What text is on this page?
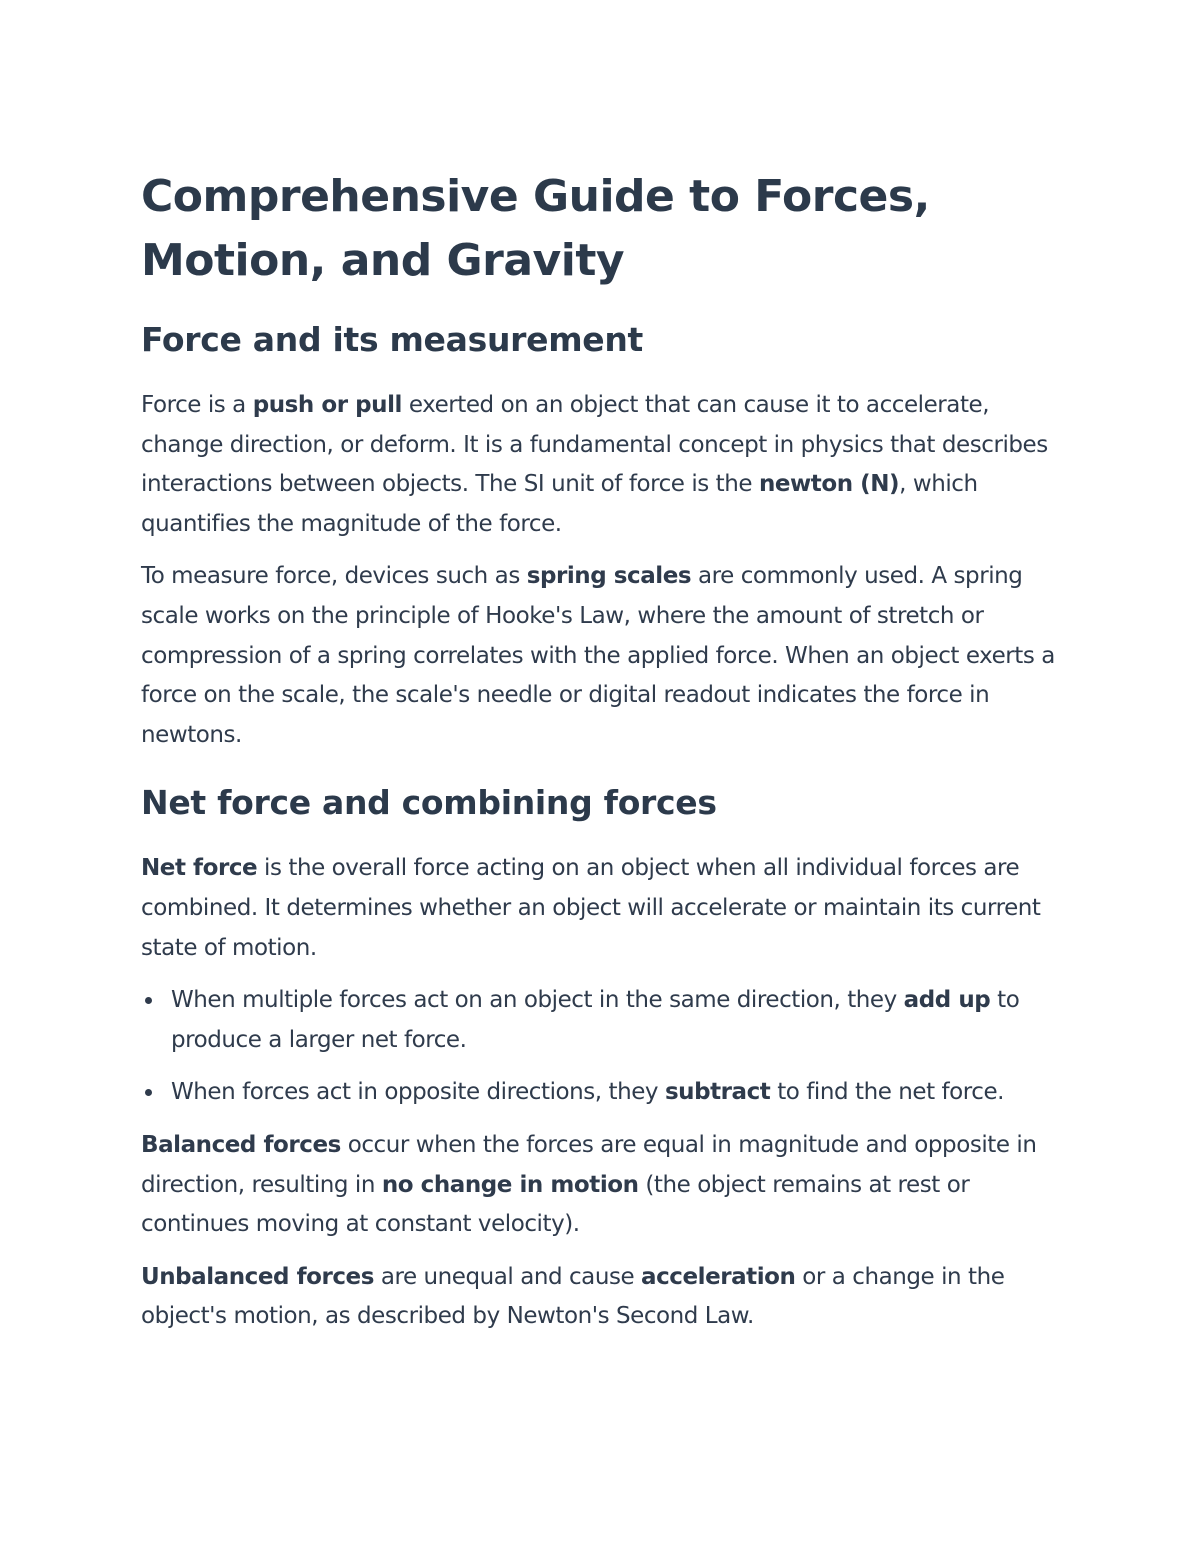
Comprehensive Guide to Forces, Motion, and Gravity
Force and its measurement

Force is a push or pull exerted on an object that can cause it to accelerate, change direction, or deform. It is a fundamental concept in physics that describes interactions between objects. The SI unit of force is the newton (N), which quantifies the magnitude of the force.

To measure force, devices such as spring scales are commonly used. A spring scale works on the principle of Hooke's Law, where the amount of stretch or compression of a spring correlates with the applied force. When an object exerts a force on the scale, the scale's needle or digital readout indicates the force in newtons.

Net force and combining forces

Net force is the overall force acting on an object when all individual forces are combined. It determines whether an object will accelerate or maintain its current state of motion.

When multiple forces act on an object in the same direction, they add up to produce a larger net force.
When forces act in opposite directions, they subtract to find the net force.

Balanced forces occur when the forces are equal in magnitude and opposite in direction, resulting in no change in motion (the object remains at rest or continues moving at constant velocity).

Unbalanced forces are unequal and cause acceleration or a change in the object's motion, as described by Newton's Second Law.
